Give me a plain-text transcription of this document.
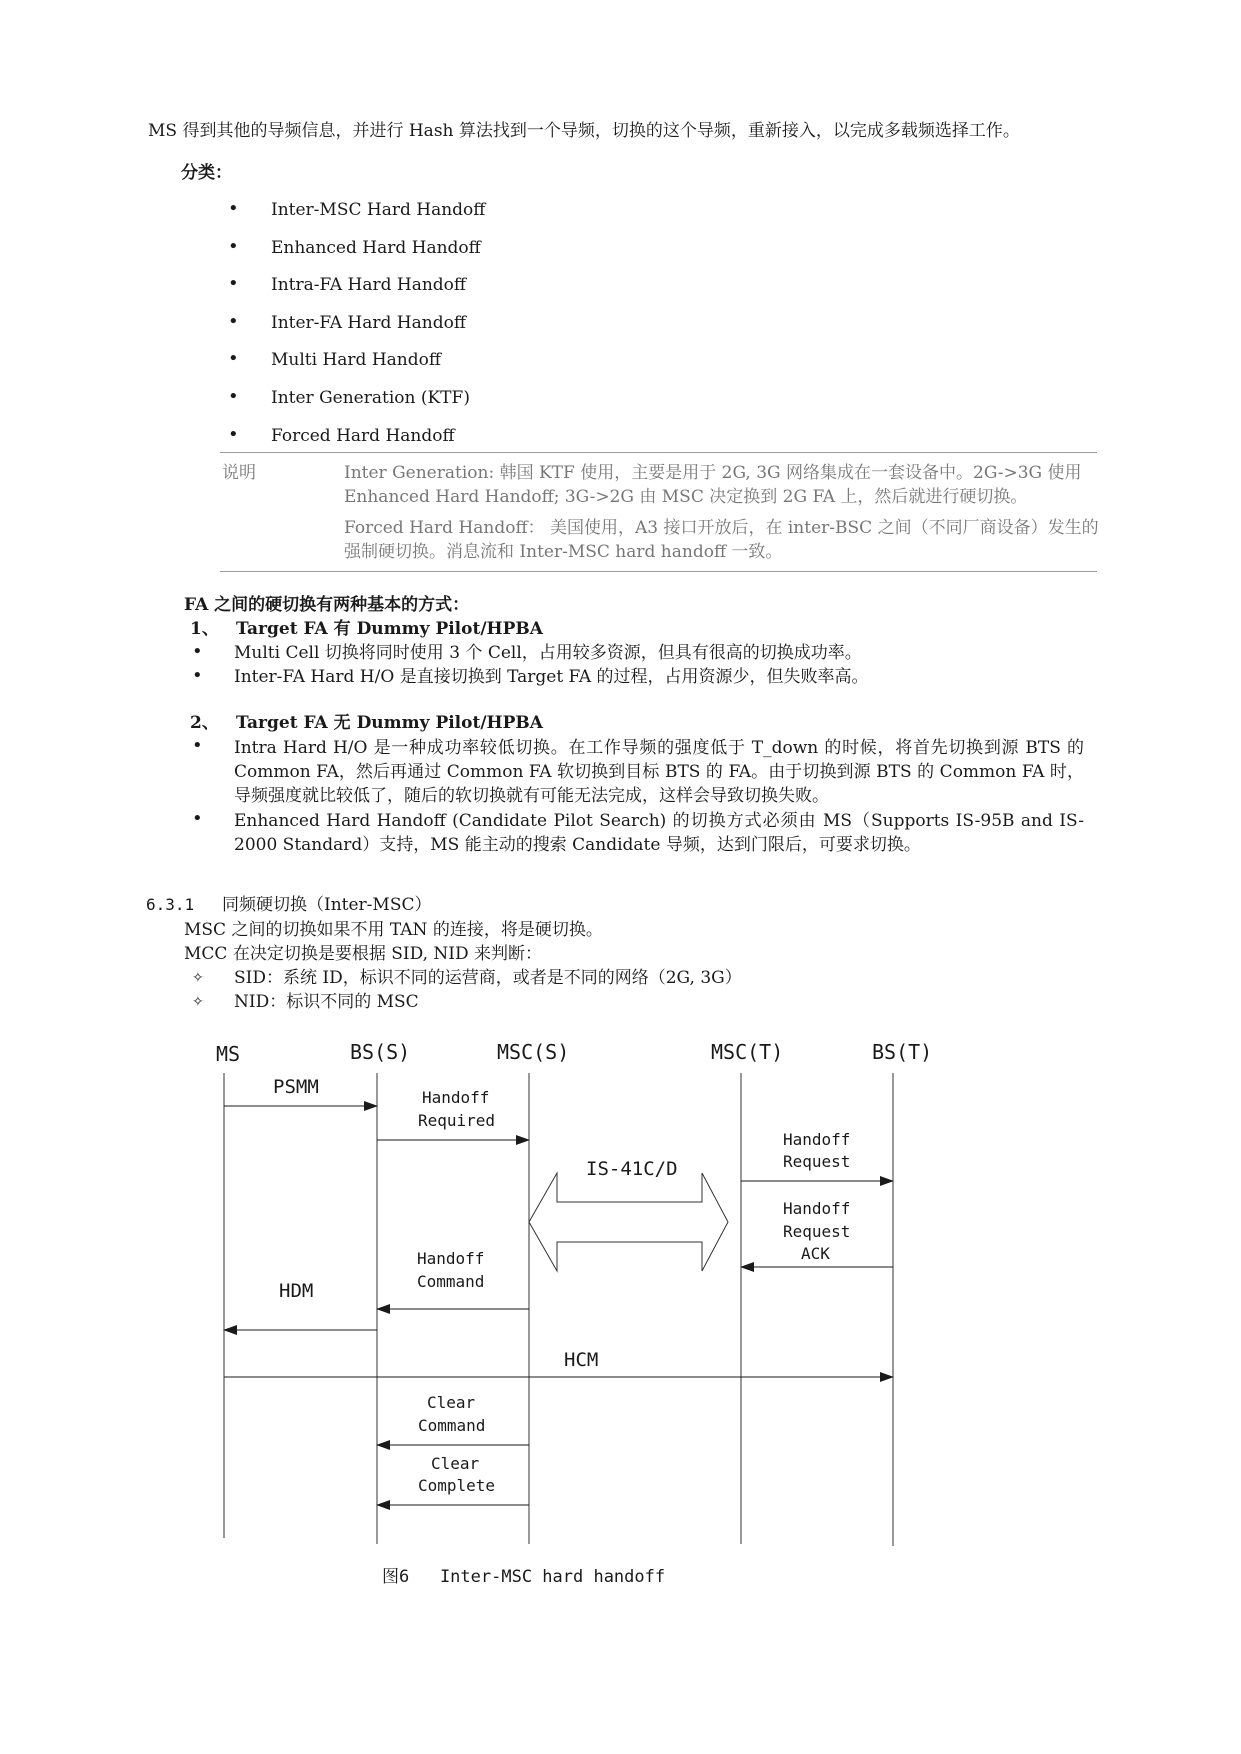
MS 得到其他的导频信息，并进行 Hash 算法找到一个导频，切换的这个导频，重新接入，以完成多载频选择工作。
分类：
• Inter-MSC Hard Handoff
• Enhanced Hard Handoff
• Intra-FA Hard Handoff
• Inter-FA Hard Handoff
• Multi Hard Handoff
• Inter Generation (KTF)
• Forced Hard Handoff
说明	Inter Generation: 韩国 KTF 使用，主要是用于 2G, 3G 网络集成在一套设备中。2G->3G 使用
Enhanced Hard Handoff; 3G->2G 由 MSC 决定换到 2G FA 上，然后就进行硬切换。
Forced Hard Handoff： 美国使用，A3 接口开放后，在 inter-BSC 之间（不同厂商设备）发生的
强制硬切换。消息流和 Inter-MSC hard handoff 一致。
FA 之间的硬切换有两种基本的方式：
1、 Target FA 有 Dummy Pilot/HPBA
• Multi Cell 切换将同时使用 3 个 Cell，占用较多资源，但具有很高的切换成功率。
• Inter-FA Hard H/O 是直接切换到 Target FA 的过程，占用资源少，但失败率高。
2、 Target FA 无 Dummy Pilot/HPBA
• Intra Hard H/O 是一种成功率较低切换。在工作导频的强度低于 T_down 的时候，将首先切换到源 BTS 的 Common FA，然后再通过 Common FA 软切换到目标 BTS 的 FA。由于切换到源 BTS 的 Common FA 时，导频强度就比较低了，随后的软切换就有可能无法完成，这样会导致切换失败。
• Enhanced Hard Handoff (Candidate Pilot Search) 的切换方式必须由 MS（Supports IS-95B and IS-2000 Standard）支持，MS 能主动的搜索 Candidate 导频，达到门限后，可要求切换。
6.3.1 同频硬切换（Inter-MSC）
MSC 之间的切换如果不用 TAN 的连接，将是硬切换。
MCC 在决定切换是要根据 SID, NID 来判断：
✧ SID：系统 ID，标识不同的运营商，或者是不同的网络（2G, 3G）
✧ NID：标识不同的 MSC
MS	BS(S)	MSC(S)	MSC(T)	BS(T)
PSMM	Handoff
Required
IS-41C/D
Handoff
Request
Handoff
Request
ACK
Handoff
Command
HDM
HCM
Clear
Command
Clear
Complete
图6   Inter-MSC hard handoff
